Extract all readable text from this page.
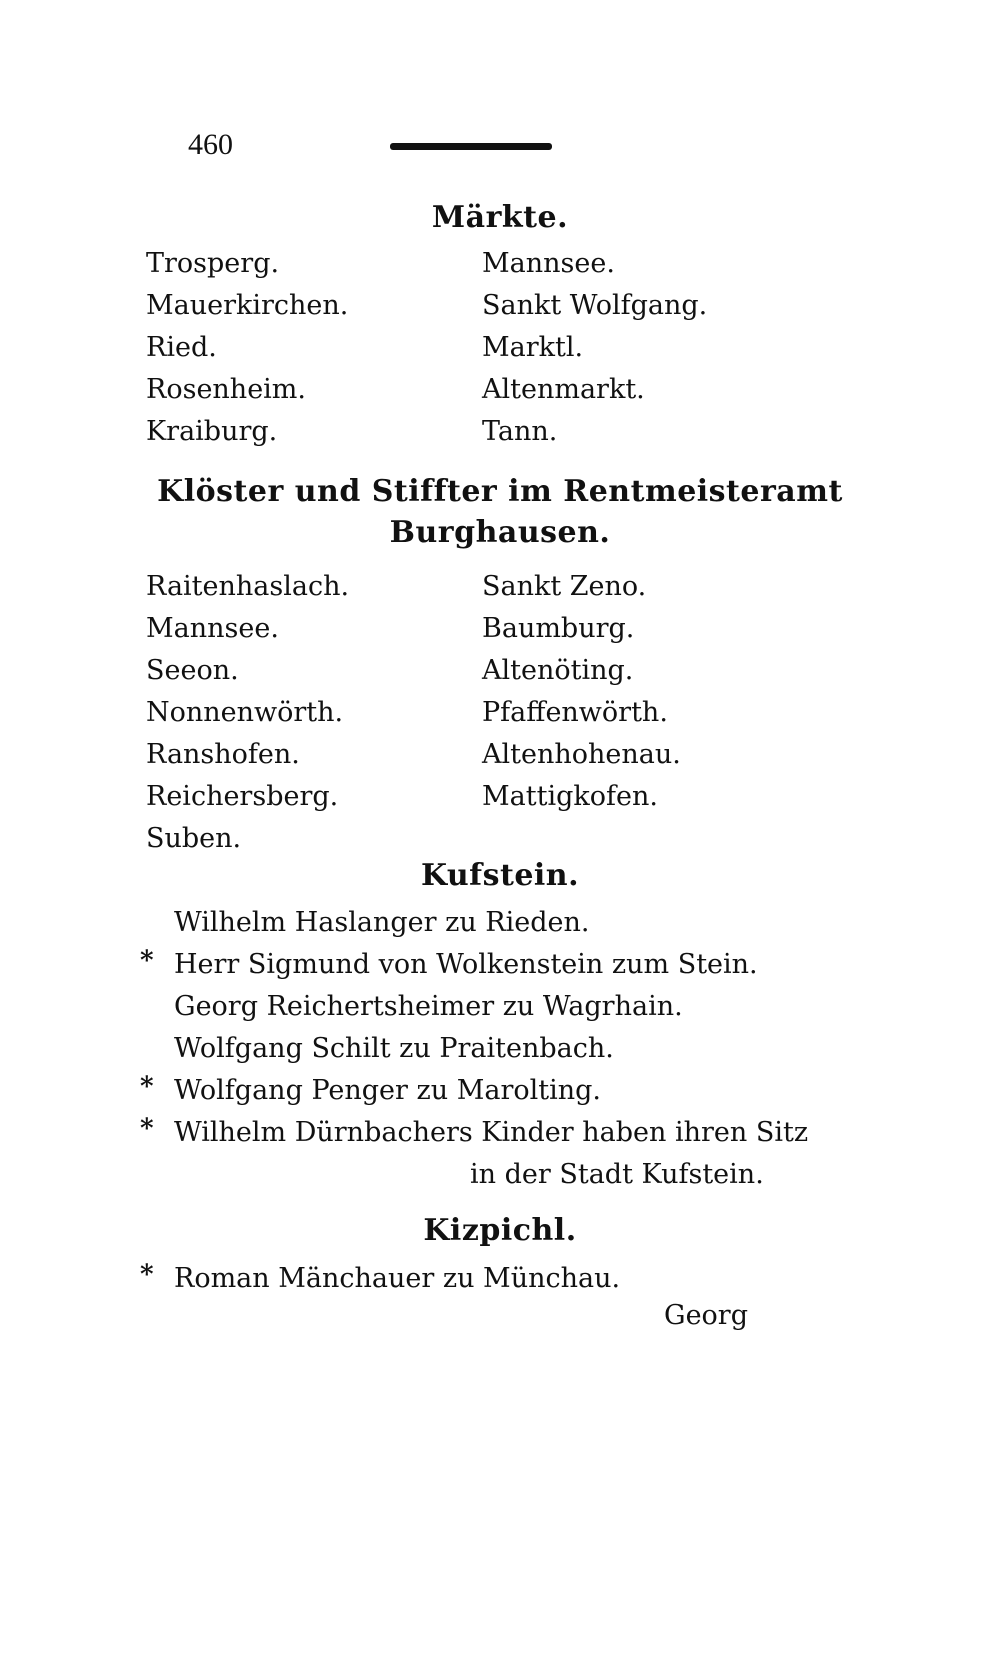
460
Märkte.
Trosperg.	Mannsee.
Mauerkirchen.	Sankt Wolfgang.
Ried.	Marktl.
Rosenheim.	Altenmarkt.
Kraiburg.	Tann.
Klöster und Stiffter im Rentmeisteramt
Burghausen.
Raitenhaslach.	Sankt Zeno.
Mannsee.	Baumburg.
Seeon.	Altenöting.
Nonnenwörth.	Pfaffenwörth.
Ranshofen.	Altenhohenau.
Reichersberg.	Mattigkofen.
Suben.
Kufstein.
Wilhelm Haslanger zu Rieden.
* Herr Sigmund von Wolkenstein zum Stein.
Georg Reichertsheimer zu Wagrhain.
Wolfgang Schilt zu Praitenbach.
* Wolfgang Penger zu Marolting.
* Wilhelm Dürnbachers Kinder haben ihren Sitz
in der Stadt Kufstein.
Kizpichl.
* Roman Mänchauer zu Münchau.
Georg
